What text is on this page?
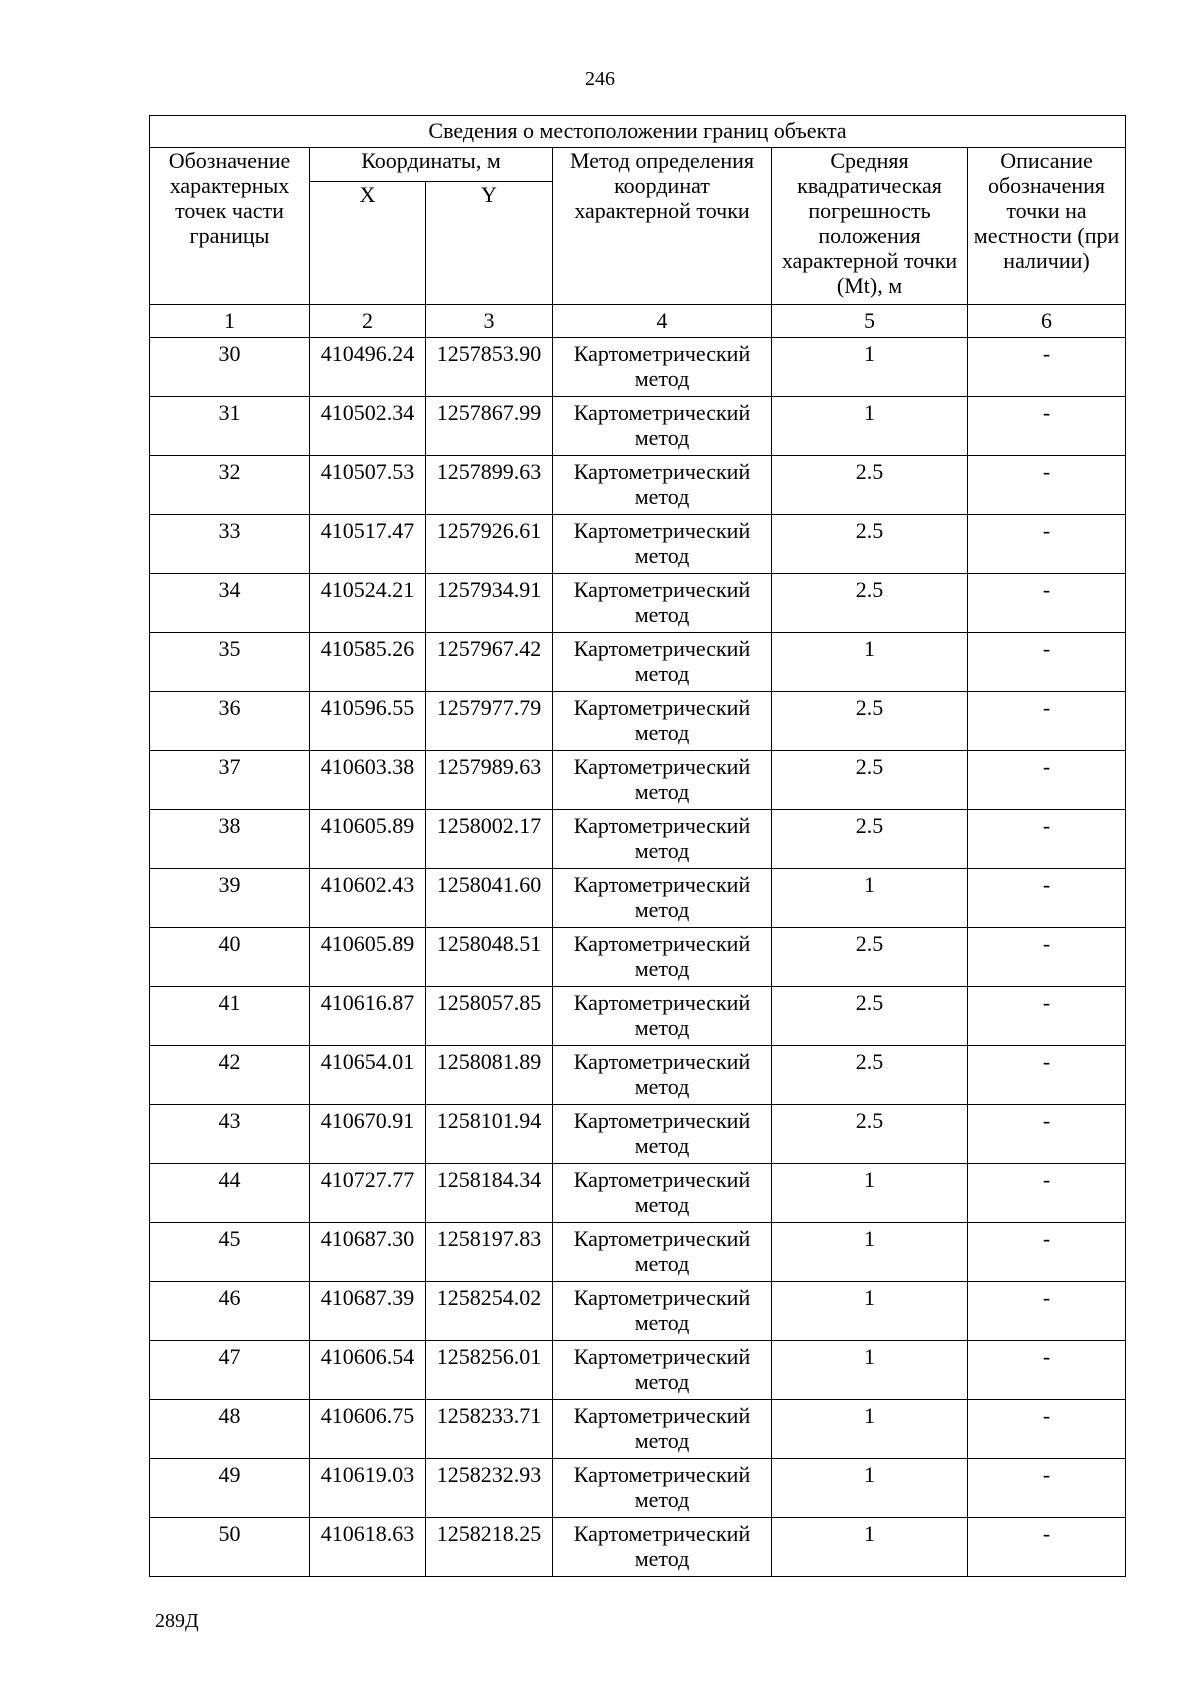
246
Сведения о местоположении границ объекта					
Обозначение характерных точек части границы	Координаты, м		Метод определения координат характерной точки	Средняя квадратическая погрешность положения характерной точки (Mt), м	Описание обозначения точки на местности (при наличии)
	X	Y			
1	2	3	4	5	6
30	410496.24	1257853.90	Картометрический метод	1	-
31	410502.34	1257867.99	Картометрический метод	1	-
32	410507.53	1257899.63	Картометрический метод	2.5	-
33	410517.47	1257926.61	Картометрический метод	2.5	-
34	410524.21	1257934.91	Картометрический метод	2.5	-
35	410585.26	1257967.42	Картометрический метод	1	-
36	410596.55	1257977.79	Картометрический метод	2.5	-
37	410603.38	1257989.63	Картометрический метод	2.5	-
38	410605.89	1258002.17	Картометрический метод	2.5	-
39	410602.43	1258041.60	Картометрический метод	1	-
40	410605.89	1258048.51	Картометрический метод	2.5	-
41	410616.87	1258057.85	Картометрический метод	2.5	-
42	410654.01	1258081.89	Картометрический метод	2.5	-
43	410670.91	1258101.94	Картометрический метод	2.5	-
44	410727.77	1258184.34	Картометрический метод	1	-
45	410687.30	1258197.83	Картометрический метод	1	-
46	410687.39	1258254.02	Картометрический метод	1	-
47	410606.54	1258256.01	Картометрический метод	1	-
48	410606.75	1258233.71	Картометрический метод	1	-
49	410619.03	1258232.93	Картометрический метод	1	-
50	410618.63	1258218.25	Картометрический метод	1	-
289Д
